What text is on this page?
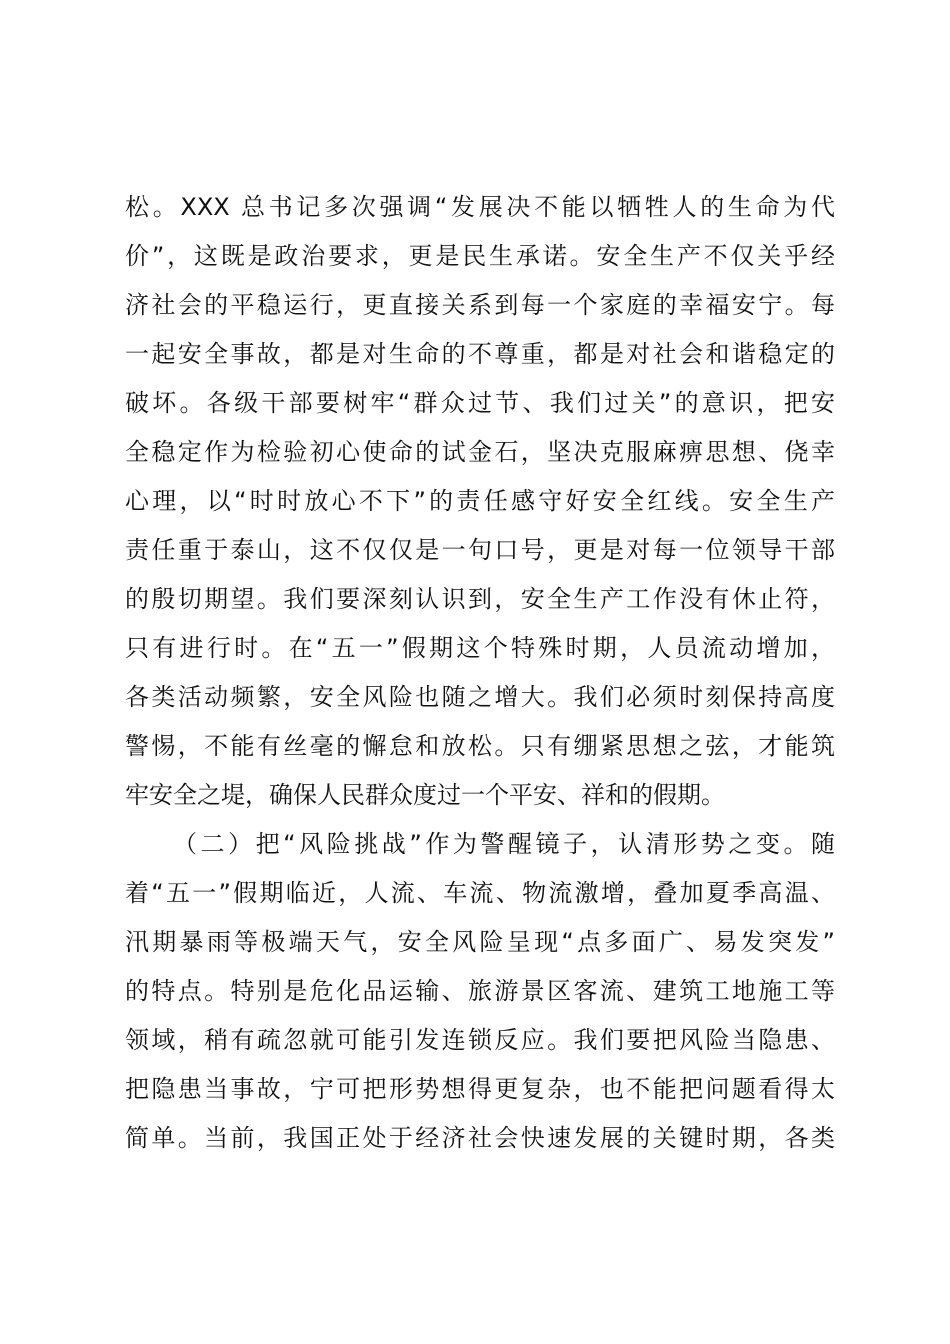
松。XXX 总书记多次强调“发展决不能以牺牲人的生命为代
价”，这既是政治要求，更是民生承诺。安全生产不仅关乎经
济社会的平稳运行，更直接关系到每一个家庭的幸福安宁。每
一起安全事故，都是对生命的不尊重，都是对社会和谐稳定的
破坏。各级干部要树牢“群众过节、我们过关”的意识，把安
全稳定作为检验初心使命的试金石，坚决克服麻痹思想、侥幸
心理，以“时时放心不下”的责任感守好安全红线。安全生产
责任重于泰山，这不仅仅是一句口号，更是对每一位领导干部
的殷切期望。我们要深刻认识到，安全生产工作没有休止符，
只有进行时。在“五一”假期这个特殊时期，人员流动增加，
各类活动频繁，安全风险也随之增大。我们必须时刻保持高度
警惕，不能有丝毫的懈怠和放松。只有绷紧思想之弦，才能筑
牢安全之堤，确保人民群众度过一个平安、祥和的假期。
（二）把“风险挑战”作为警醒镜子，认清形势之变。随
着“五一”假期临近，人流、车流、物流激增，叠加夏季高温、
汛期暴雨等极端天气，安全风险呈现“点多面广、易发突发”
的特点。特别是危化品运输、旅游景区客流、建筑工地施工等
领域，稍有疏忽就可能引发连锁反应。我们要把风险当隐患、
把隐患当事故，宁可把形势想得更复杂，也不能把问题看得太
简单。当前，我国正处于经济社会快速发展的关键时期，各类
